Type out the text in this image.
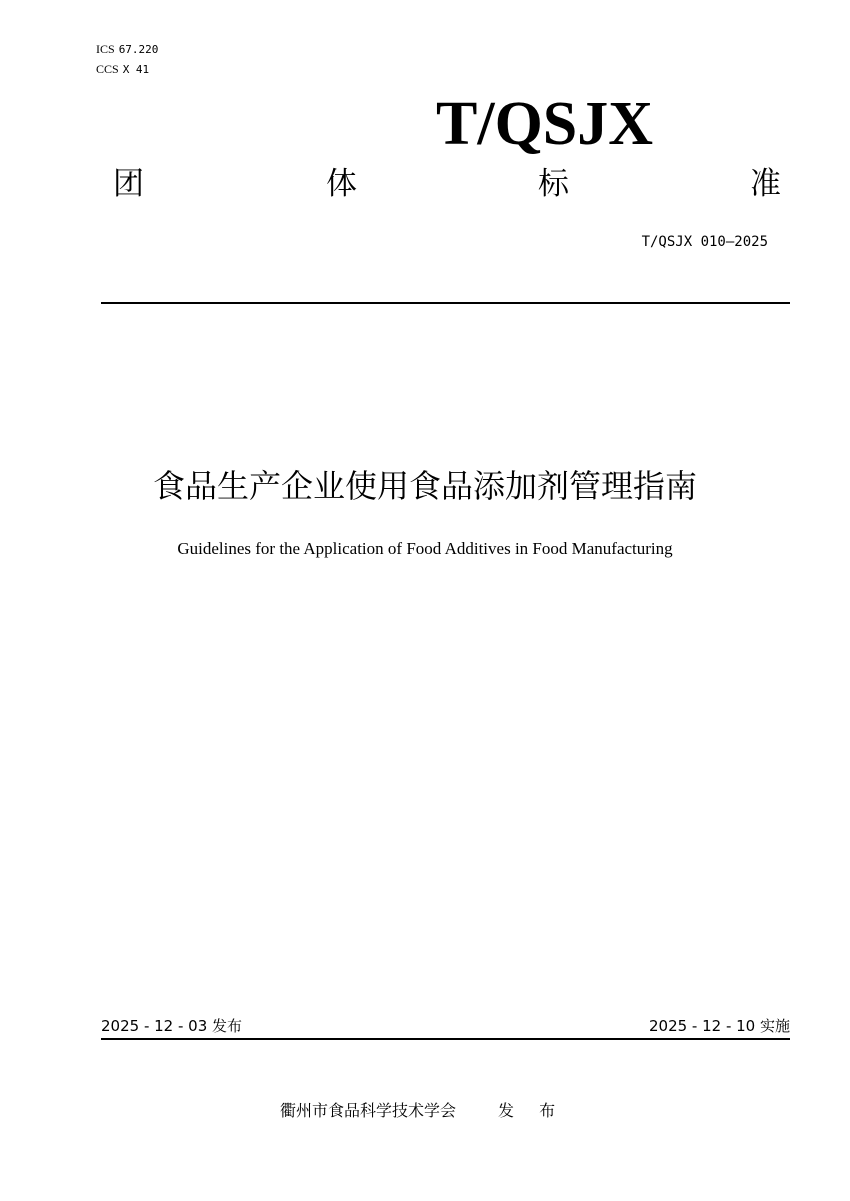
ICS 67.220
CCS X 41
T/QSJX
团	体	标	准
T/QSJX 010—2025
食品生产企业使用食品添加剂管理指南
Guidelines for the Application of Food Additives in Food Manufacturing
2025 - 12 - 03 发布	2025 - 12 - 10 实施
衢州市食品科学技术学会	发 布
